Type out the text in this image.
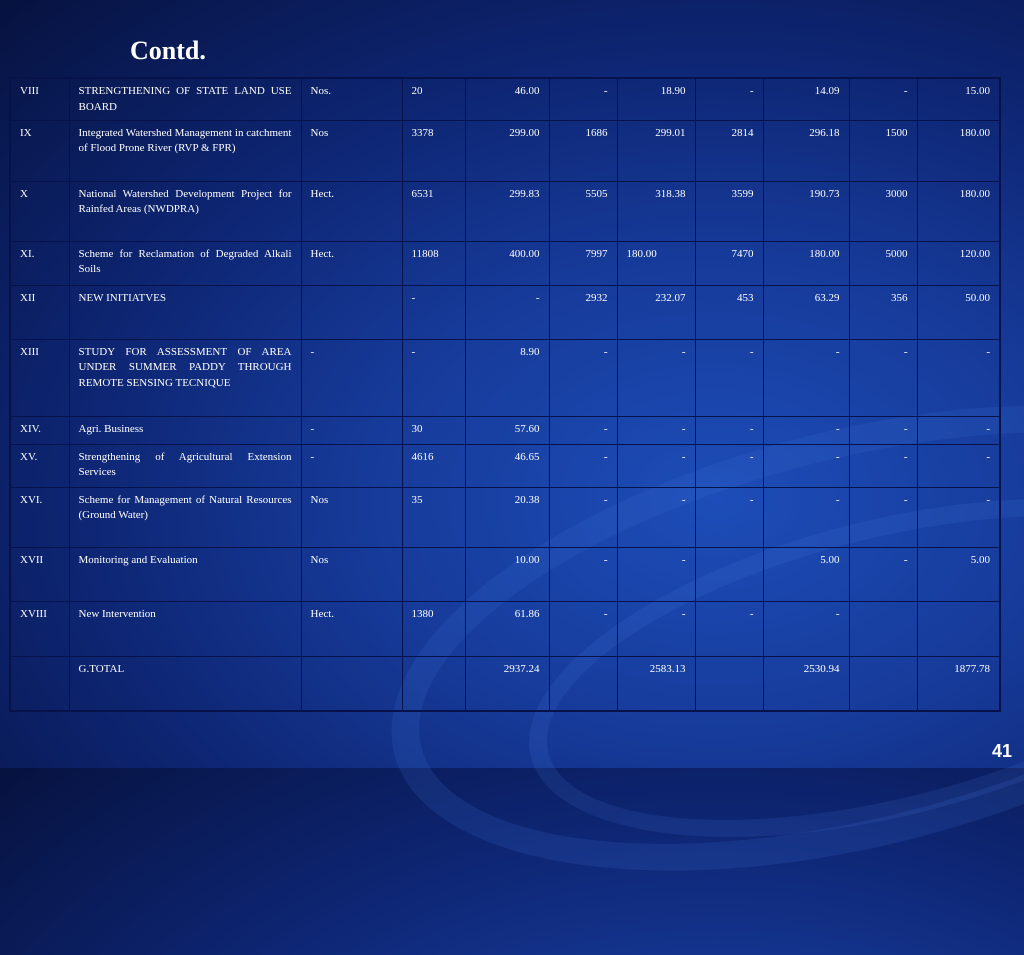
Contd.
VIII	STRENGTHENING OF STATE LAND USE BOARD	Nos.	20	46.00	-	18.90	-	14.09	-	15.00
IX	Integrated Watershed Management in catchment of Flood Prone River (RVP & FPR)	Nos	3378	299.00	1686	299.01	2814	296.18	1500	180.00
X	National Watershed Development Project for Rainfed Areas (NWDPRA)	Hect.	6531	299.83	5505	318.38	3599	190.73	3000	180.00
XI.	Scheme for Reclamation of Degraded Alkali Soils	Hect.	11808	400.00	7997	180.00	7470	180.00	5000	120.00
XII	NEW INITIATVES		-	-	2932	232.07	453	63.29	356	50.00
XIII	STUDY FOR ASSESSMENT OF AREA UNDER SUMMER PADDY THROUGH REMOTE SENSING TECNIQUE	-	-	8.90	-	-	-	-	-	-
XIV.	Agri. Business	-	30	57.60	-	-	-	-	-	-
XV.	Strengthening of Agricultural Extension Services	-	4616	46.65	-	-	-	-	-	-
XVI.	Scheme for Management of Natural Resources (Ground Water)	Nos	35	20.38	-	-	-	-	-	-
XVII	Monitoring and Evaluation	Nos		10.00	-	-		5.00	-	5.00
XVIII	New Intervention	Hect.	1380	61.86	-	-	-	-		
	G.TOTAL			2937.24		2583.13		2530.94		1877.78
41
